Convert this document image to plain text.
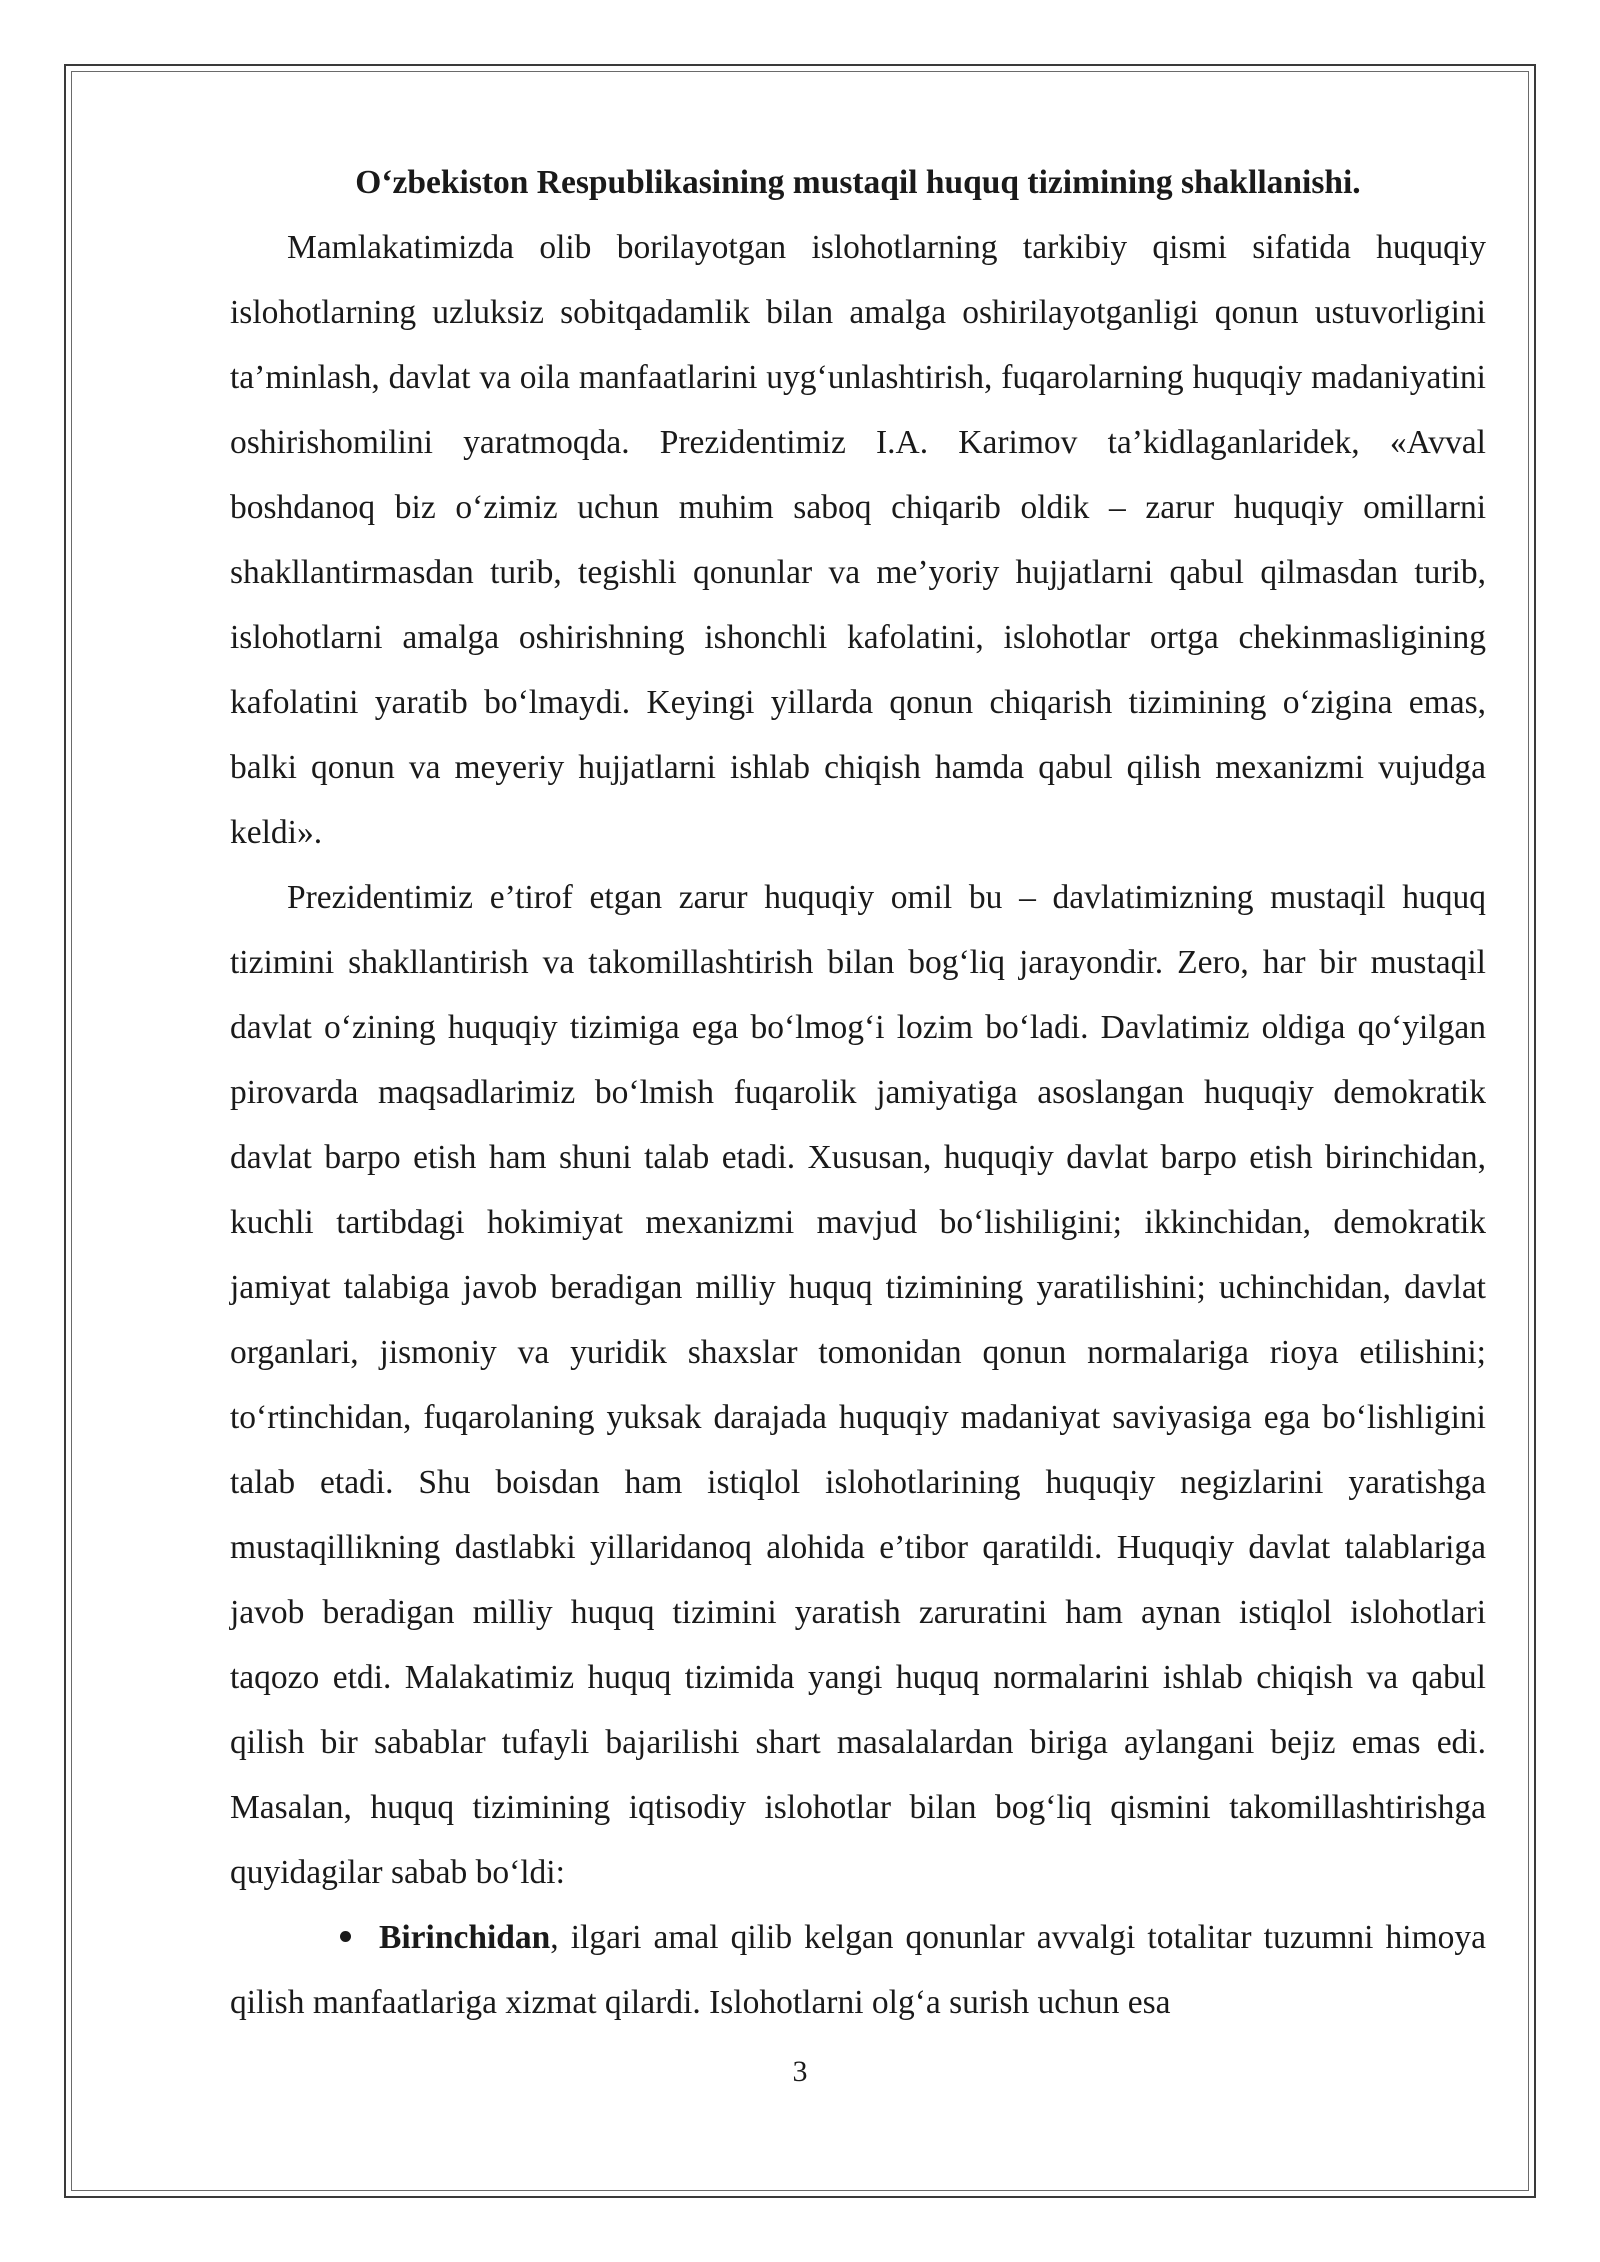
O‘zbekiston Respublikasining mustaqil huquq tizimining shakllanishi.

Mamlakatimizda olib borilayotgan islohotlarning tarkibiy qismi sifatida huquqiy islohotlarning uzluksiz sobitqadamlik bilan amalga oshirilayotganligi qonun ustuvorligini ta’minlash, davlat va oila manfaatlarini uyg‘unlashtirish, fuqarolarning huquqiy madaniyatini oshirishomilini yaratmoqda. Prezidentimiz I.A. Karimov ta’kidlaganlaridek, «Avval boshdanoq biz o‘zimiz uchun muhim saboq chiqarib oldik – zarur huquqiy omillarni shakllantirmasdan turib, tegishli qonunlar va me’yoriy hujjatlarni qabul qilmasdan turib, islohotlarni amalga oshirishning ishonchli kafolatini, islohotlar ortga chekinmasligining kafolatini yaratib bo‘lmaydi. Keyingi yillarda qonun chiqarish tizimining o‘zigina emas, balki qonun va meyeriy hujjatlarni ishlab chiqish hamda qabul qilish mexanizmi vujudga keldi».

Prezidentimiz e’tirof etgan zarur huquqiy omil bu – davlatimizning mustaqil huquq tizimini shakllantirish va takomillashtirish bilan bog‘liq jarayondir. Zero, har bir mustaqil davlat o‘zining huquqiy tizimiga ega bo‘lmog‘i lozim bo‘ladi. Davlatimiz oldiga qo‘yilgan pirovarda maqsadlarimiz bo‘lmish fuqarolik jamiyatiga asoslangan huquqiy demokratik davlat barpo etish ham shuni talab etadi. Xususan, huquqiy davlat barpo etish birinchidan, kuchli tartibdagi hokimiyat mexanizmi mavjud bo‘lishiligini; ikkinchidan, demokratik jamiyat talabiga javob beradigan milliy huquq tizimining yaratilishini; uchinchidan, davlat organlari, jismoniy va yuridik shaxslar tomonidan qonun normalariga rioya etilishini; to‘rtinchidan, fuqarolaning yuksak darajada huquqiy madaniyat saviyasiga ega bo‘lishligini talab etadi. Shu boisdan ham istiqlol islohotlarining huquqiy negizlarini yaratishga mustaqillikning dastlabki yillaridanoq alohida e’tibor qaratildi. Huquqiy davlat talablariga javob beradigan milliy huquq tizimini yaratish zaruratini ham aynan istiqlol islohotlari taqozo etdi. Malakatimiz huquq tizimida yangi huquq normalarini ishlab chiqish va qabul qilish bir sabablar tufayli bajarilishi shart masalalardan biriga aylangani bejiz emas edi. Masalan, huquq tizimining iqtisodiy islohotlar bilan bog‘liq qismini takomillashtirishga quyidagilar sabab bo‘ldi:

Birinchidan, ilgari amal qilib kelgan qonunlar avvalgi totalitar tuzumni himoya qilish manfaatlariga xizmat qilardi. Islohotlarni olg‘a surish uchun esa

3
